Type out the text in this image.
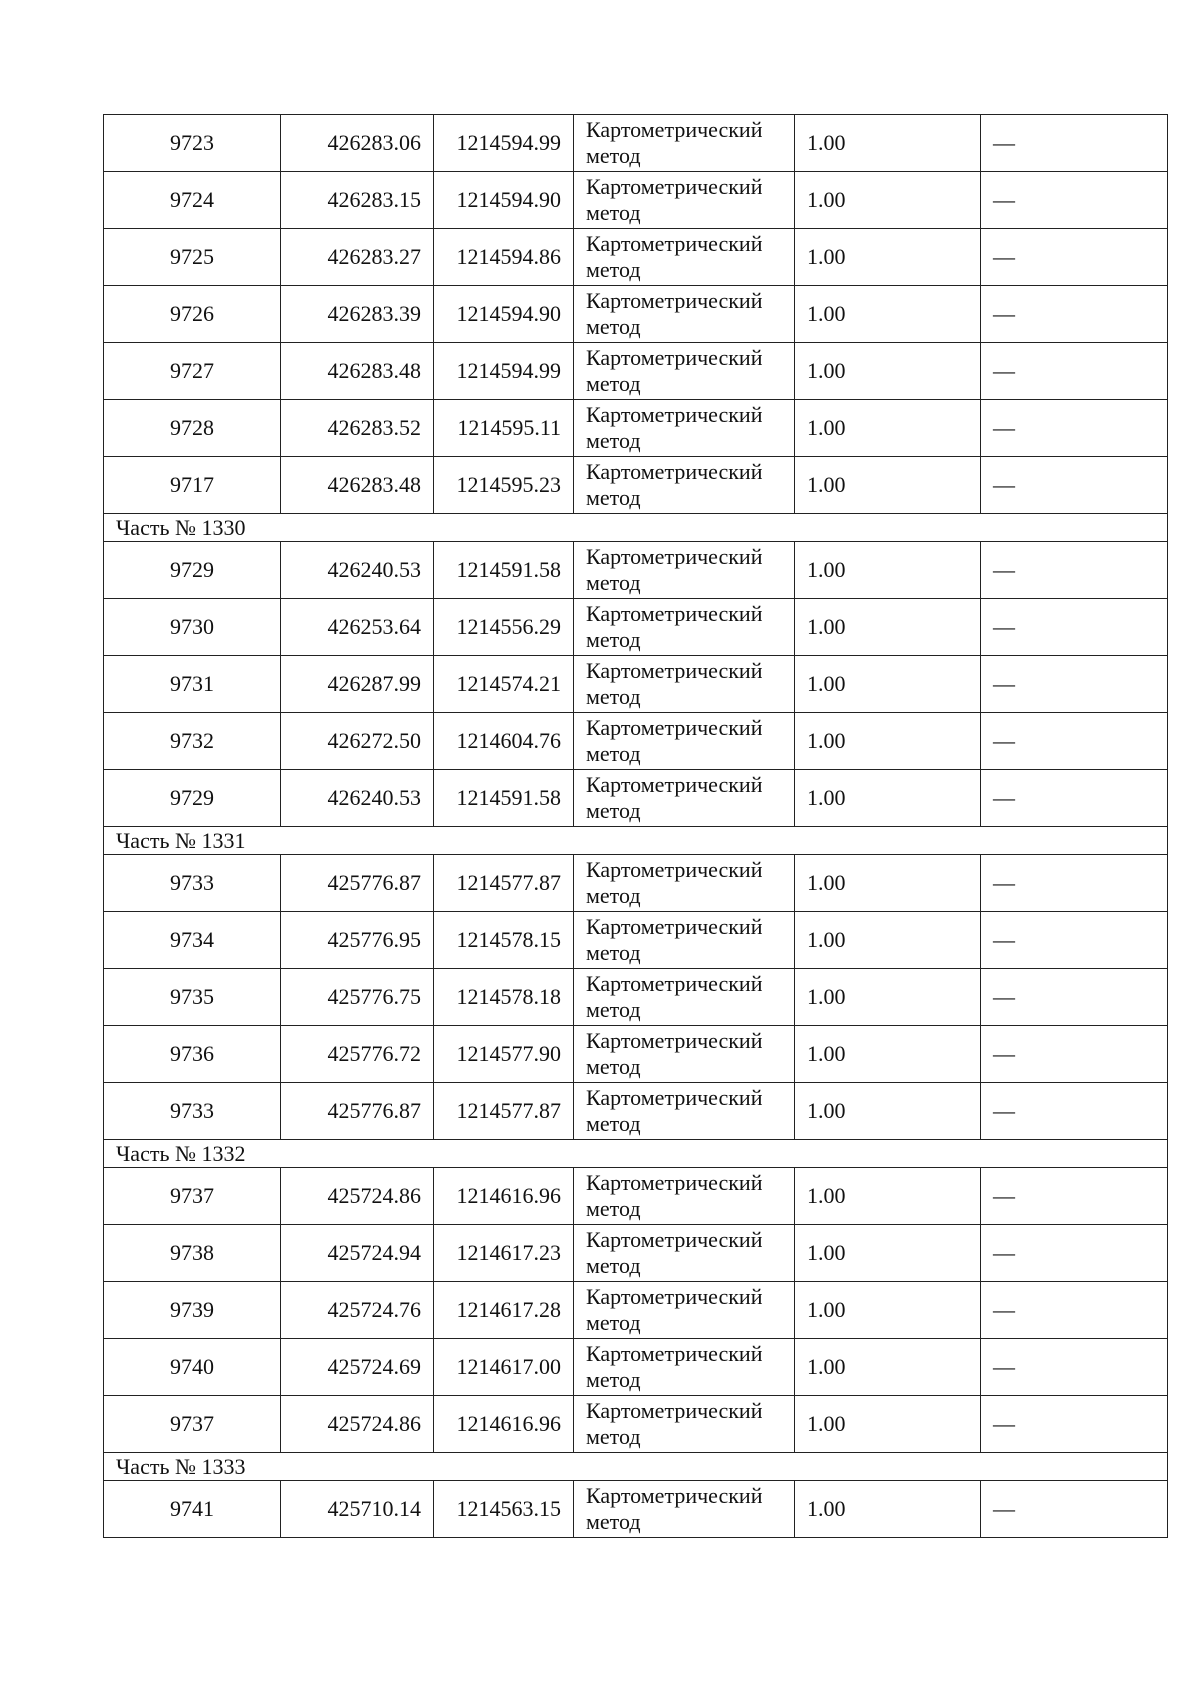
9723	426283.06	1214594.99	Картометрический метод	1.00	—
9724	426283.15	1214594.90	Картометрический метод	1.00	—
9725	426283.27	1214594.86	Картометрический метод	1.00	—
9726	426283.39	1214594.90	Картометрический метод	1.00	—
9727	426283.48	1214594.99	Картометрический метод	1.00	—
9728	426283.52	1214595.11	Картометрический метод	1.00	—
9717	426283.48	1214595.23	Картометрический метод	1.00	—
Часть № 1330					
9729	426240.53	1214591.58	Картометрический метод	1.00	—
9730	426253.64	1214556.29	Картометрический метод	1.00	—
9731	426287.99	1214574.21	Картометрический метод	1.00	—
9732	426272.50	1214604.76	Картометрический метод	1.00	—
9729	426240.53	1214591.58	Картометрический метод	1.00	—
Часть № 1331					
9733	425776.87	1214577.87	Картометрический метод	1.00	—
9734	425776.95	1214578.15	Картометрический метод	1.00	—
9735	425776.75	1214578.18	Картометрический метод	1.00	—
9736	425776.72	1214577.90	Картометрический метод	1.00	—
9733	425776.87	1214577.87	Картометрический метод	1.00	—
Часть № 1332					
9737	425724.86	1214616.96	Картометрический метод	1.00	—
9738	425724.94	1214617.23	Картометрический метод	1.00	—
9739	425724.76	1214617.28	Картометрический метод	1.00	—
9740	425724.69	1214617.00	Картометрический метод	1.00	—
9737	425724.86	1214616.96	Картометрический метод	1.00	—
Часть № 1333					
9741	425710.14	1214563.15	Картометрический метод	1.00	—
